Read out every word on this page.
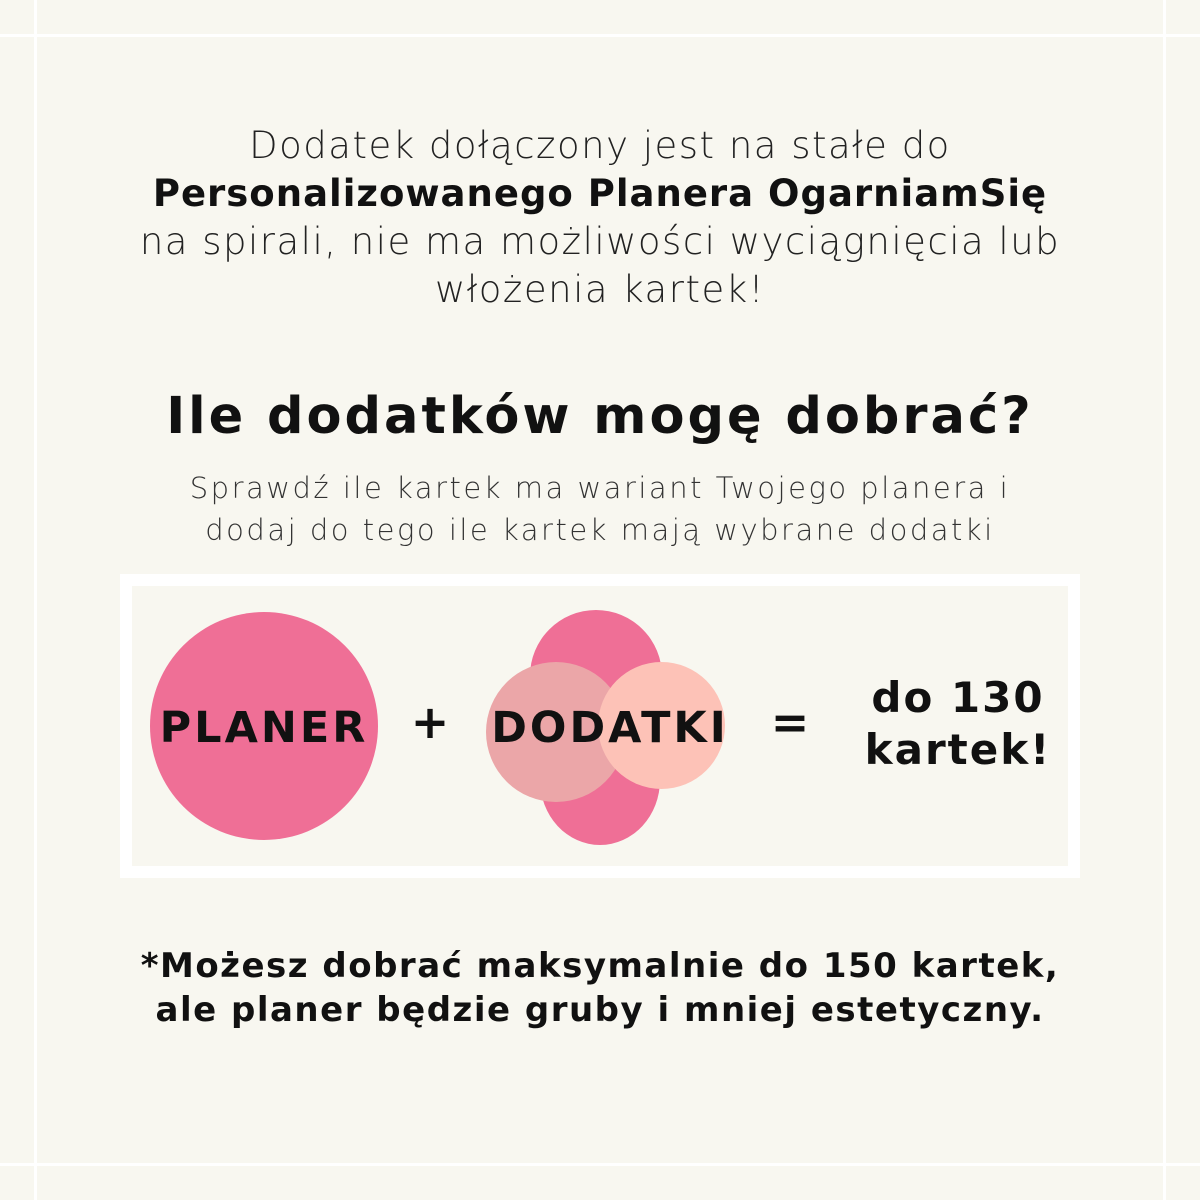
Dodatek dołączony jest na stałe do
Personalizowanego Planera OgarniamSię
na spirali, nie ma możliwości wyciągnięcia lub
włożenia kartek!
Ile dodatków mogę dobrać?
Sprawdź ile kartek ma wariant Twojego planera i
dodaj do tego ile kartek mają wybrane dodatki
PLANER + DODATKI =	do 130
kartek!
*Możesz dobrać maksymalnie do 150 kartek,
ale planer będzie gruby i mniej estetyczny.
